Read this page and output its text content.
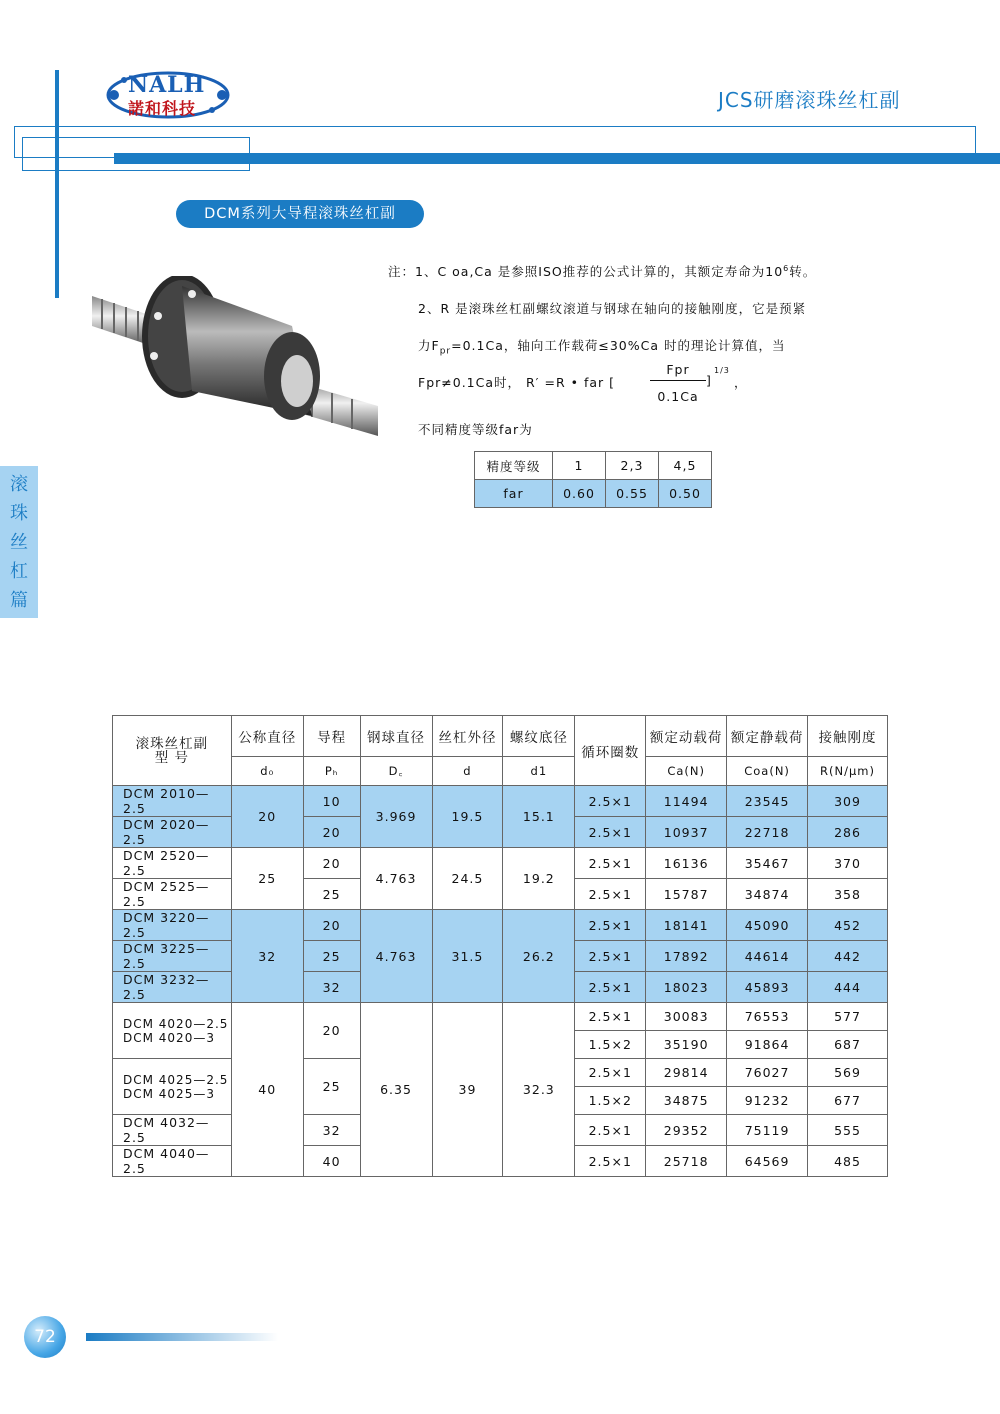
NALH
諾和科技	JCS研磨滚珠丝杠副
DCM系列大导程滚珠丝杠副
注：1、C oa,Ca 是参照ISO推荐的公式计算的，其额定寿命为$10^6$转。
2、R 是滚珠丝杠副螺纹滚道与钢球在轴向的接触刚度，它是预紧
力$F_{pr}=0.1Ca$，轴向工作载荷≤30%Ca 时的理论计算值，当
Fpr≠0.1Ca时， R′ =R • far [
Fpr
0.1Ca
]
1/3
，
不同精度等级far为
精度等级	1	2,3	4,5
far	0.60	0.55	0.50
滚
珠
丝
杠
篇
滚珠丝杠副
型 号	公称直径	导程	钢球直径	丝杠外径	螺纹底径	循环圈数	额定动载荷	额定静载荷	接触刚度
	d₀	Pₕ	D꜀	d	d1		Ca(N)	Coa(N)	R(N/μm)
DCM 2010—2.5	20	10	3.969	19.5	15.1	2.5×1	11494	23545	309
DCM 2020—2.5		20				2.5×1	10937	22718	286
DCM 2520—2.5	25	20	4.763	24.5	19.2	2.5×1	16136	35467	370
DCM 2525—2.5		25				2.5×1	15787	34874	358
DCM 3220—2.5	32	20	4.763	31.5	26.2	2.5×1	18141	45090	452
DCM 3225—2.5		25				2.5×1	17892	44614	442
DCM 3232—2.5		32				2.5×1	18023	45893	444

DCM 4020—2.5
DCM 4020—3	40	20	6.35	39	32.3	2.5×1	30083	76553	577
						1.5×2	35190	91864	687

DCM 4025—2.5
DCM 4025—3		25				2.5×1	29814	76027	569
						1.5×2	34875	91232	677
DCM 4032—2.5		32				2.5×1	29352	75119	555
DCM 4040—2.5		40				2.5×1	25718	64569	485
72
